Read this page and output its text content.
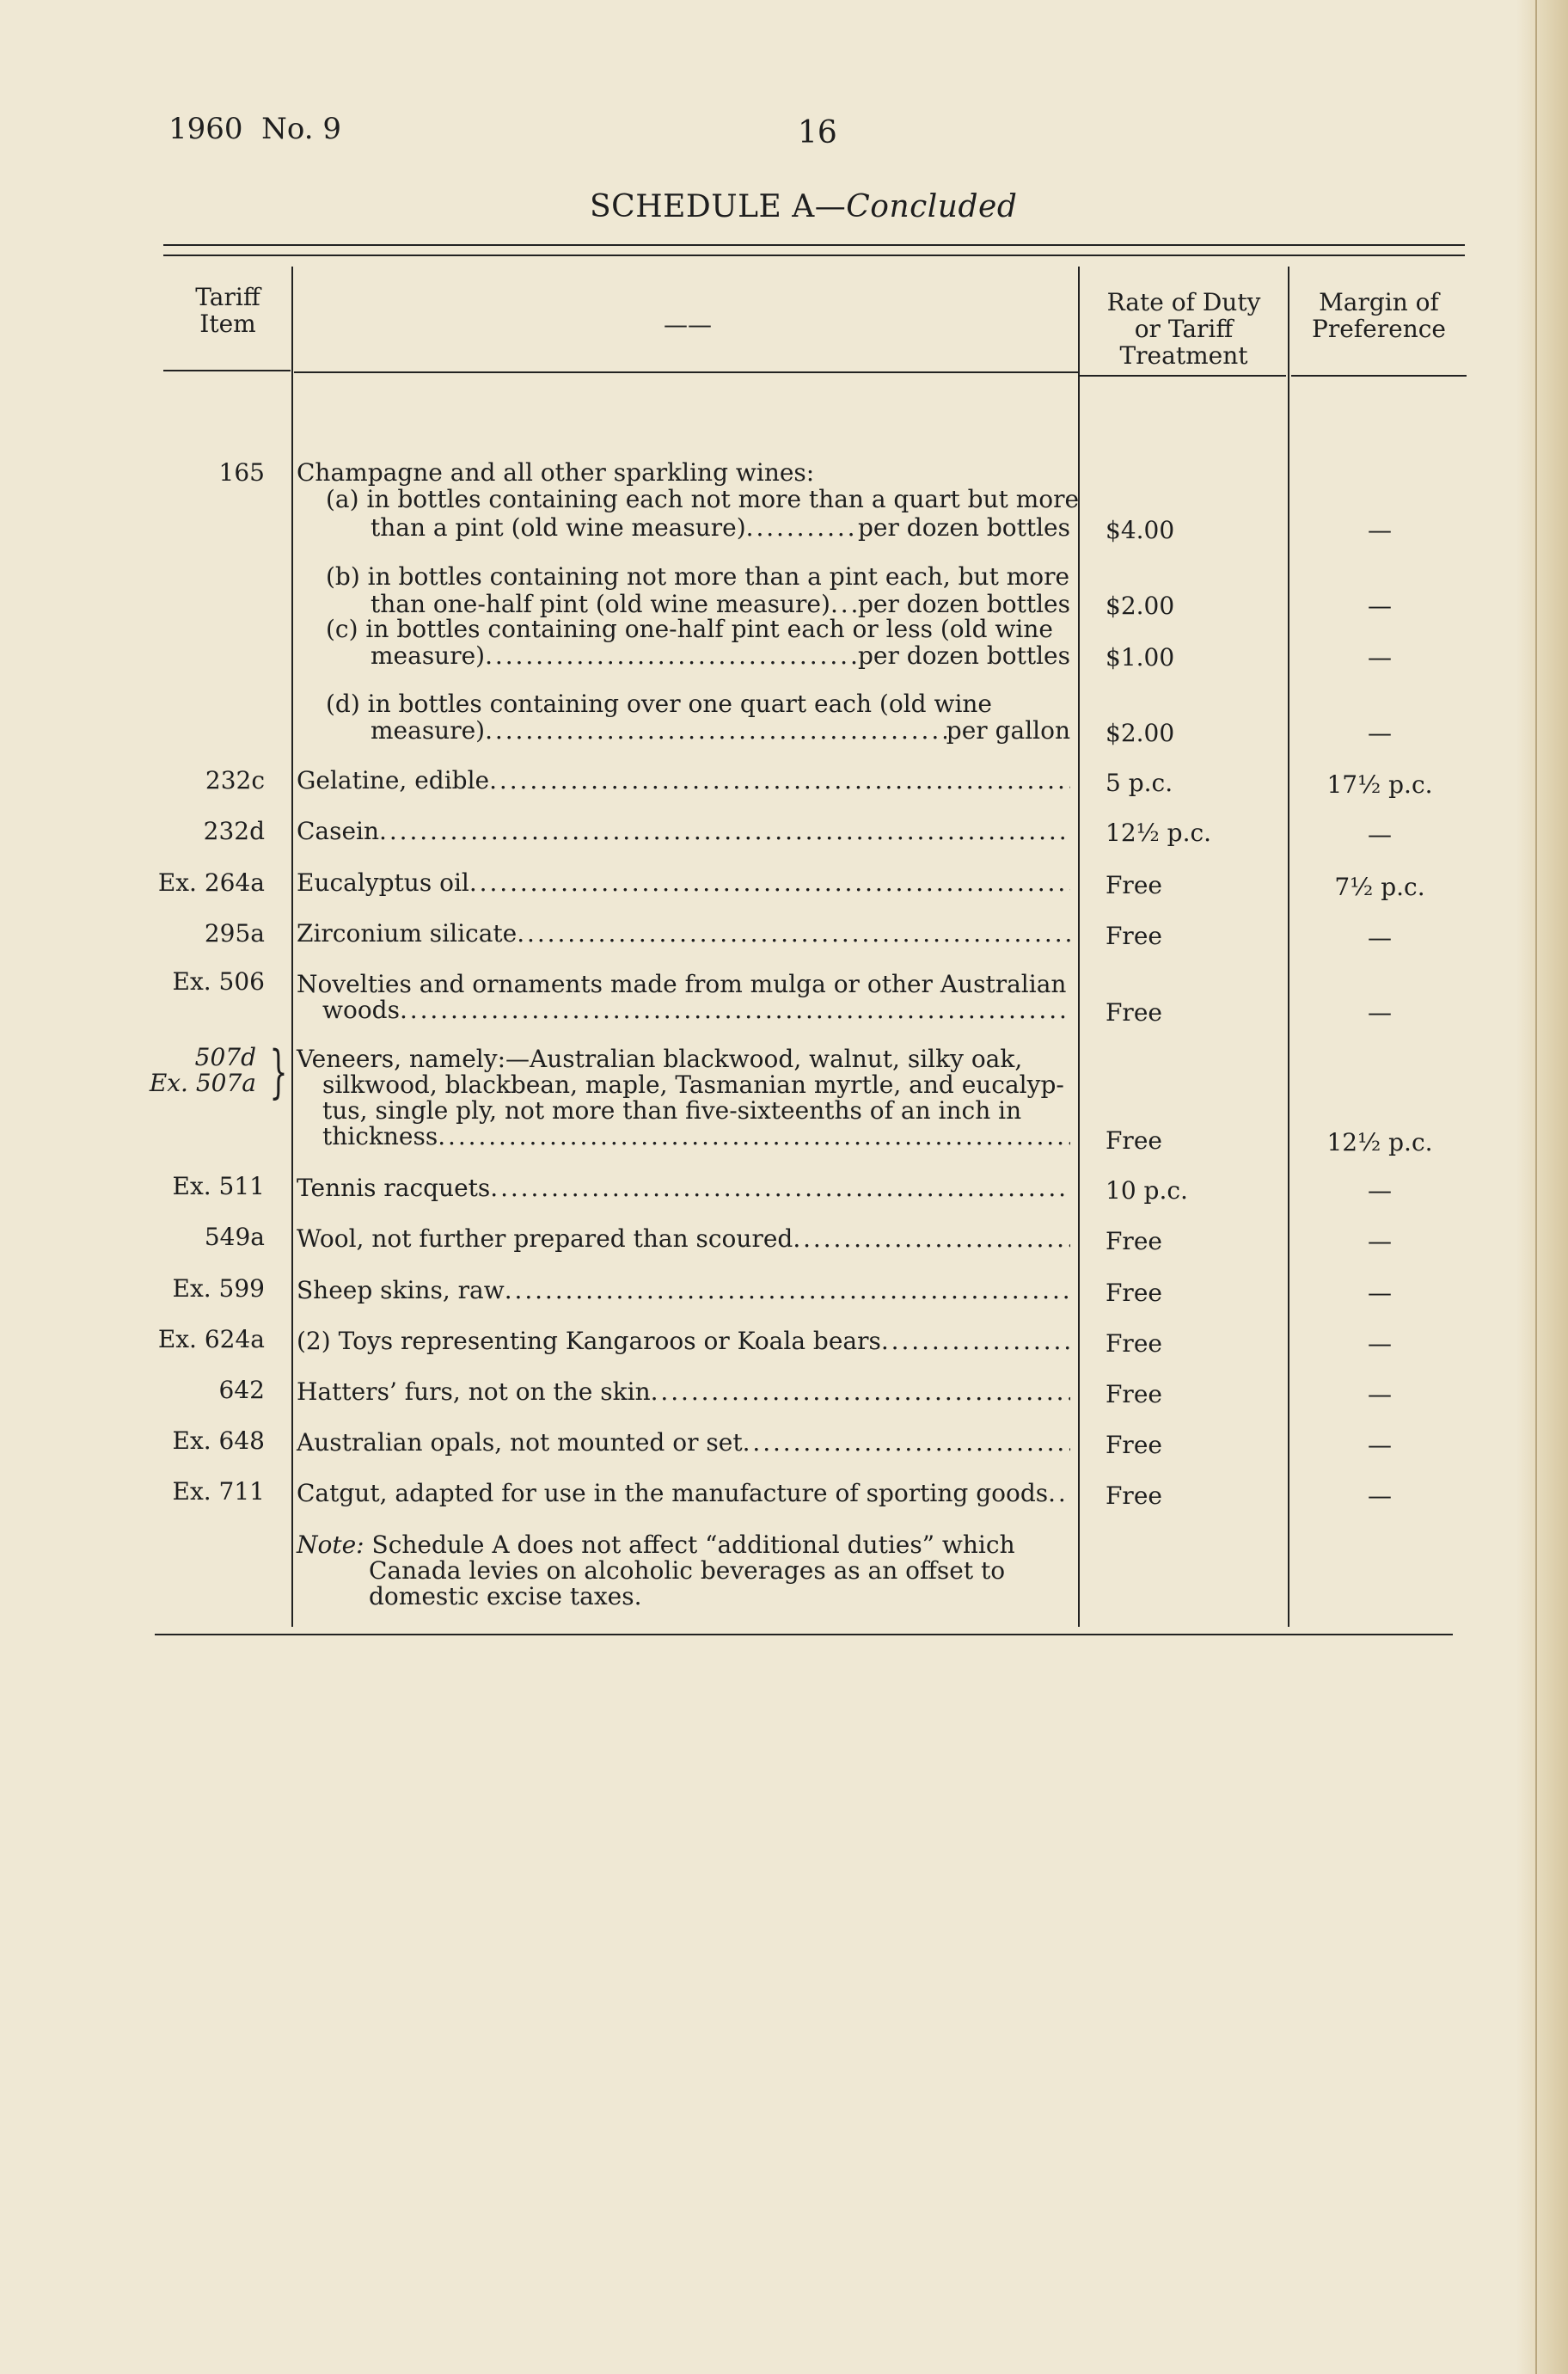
1960  No. 9	16
SCHEDULE A—Concluded
Tariff Item	——
Rate of Duty or Tariff Treatment
Margin of Preference
165 Champagne and all other sparkling wines:
(a) in bottles containing each not more than a quart but more
than a pint (old wine measure) . . .	per dozen bottles $4.00	—
(b) in bottles containing not more than a pint each, but more
than one-half pint (old wine measure) . . . per dozen bottles $2.00	—
(c) in bottles containing one-half pint each or less (old wine
measure) . . .	per dozen bottles $1.00	—
(d) in bottles containing over one quart each (old wine
measure) . . .	per gallon $2.00	—
232c Gelatine, edible . . .	5 p.c.	17½ p.c.
232d Casein . . .	12½ p.c.	—
Ex. 264a Eucalyptus oil . . .	Free	7½ p.c.
295a Zirconium silicate . . .	Free	—
Ex. 506 Novelties and ornaments made from mulga or other Australian
woods . . .	Free	—
507d
Ex. 507a } Veneers, namely:—Australian blackwood, walnut, silky oak,
silkwood, blackbean, maple, Tasmanian myrtle, and eucalyp-
tus, single ply, not more than five-sixteenths of an inch in
thickness . . .	Free	12½ p.c.
Ex. 511 Tennis racquets . . .	10 p.c.	—
549a Wool, not further prepared than scoured . . .	Free	—
Ex. 599 Sheep skins, raw . . .	Free	—
Ex. 624a (2) Toys representing Kangaroos or Koala bears . . .	Free	—
642 Hatters’ furs, not on the skin . . .	Free	—
Ex. 648 Australian opals, not mounted or set . . .	Free	—
Ex. 711 Catgut, adapted for use in the manufacture of sporting goods . . . Free	—
Note: Schedule A does not affect “additional duties” which
Canada levies on alcoholic beverages as an offset to
domestic excise taxes.
